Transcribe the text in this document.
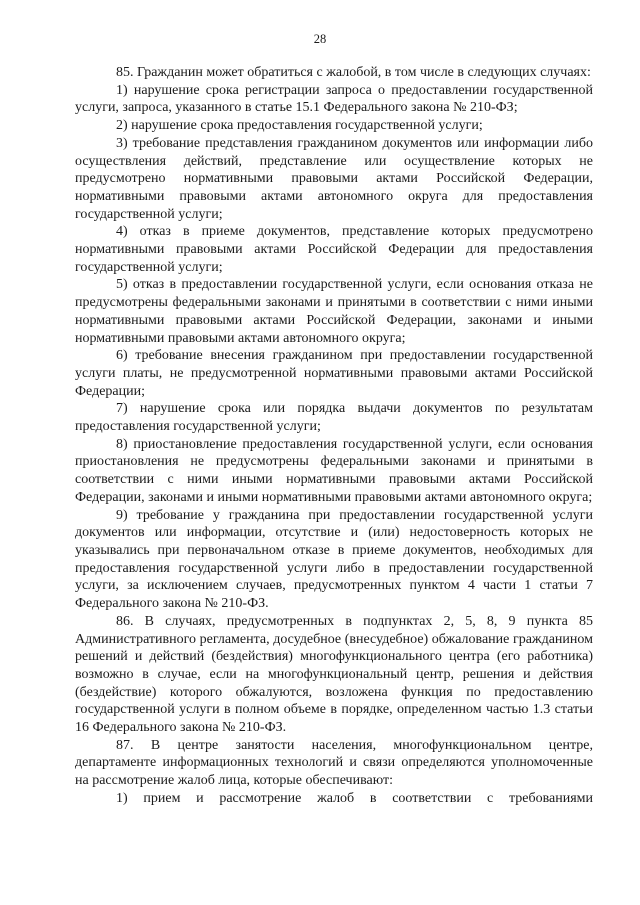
28

85. Гражданин может обратиться с жалобой, в том числе в следующих случаях:

1) нарушение срока регистрации запроса о предоставлении государственной услуги, запроса, указанного в статье 15.1 Федерального закона № 210-ФЗ;

2) нарушение срока предоставления государственной услуги;

3) требование представления гражданином документов или информации либо осуществления действий, представление или осуществление которых не предусмотрено нормативными правовыми актами Российской Федерации, нормативными правовыми актами автономного округа для предоставления государственной услуги;

4) отказ в приеме документов, представление которых предусмотрено нормативными правовыми актами Российской Федерации для предоставления государственной услуги;

5) отказ в предоставлении государственной услуги, если основания отказа не предусмотрены федеральными законами и принятыми в соответствии с ними иными нормативными правовыми актами Российской Федерации, законами и иными нормативными правовыми актами автономного округа;

6) требование внесения гражданином при предоставлении государственной услуги платы, не предусмотренной нормативными правовыми актами Российской Федерации;

7) нарушение срока или порядка выдачи документов по результатам предоставления государственной услуги;

8) приостановление предоставления государственной услуги, если основания приостановления не предусмотрены федеральными законами и принятыми в соответствии с ними иными нормативными правовыми актами Российской Федерации, законами и иными нормативными правовыми актами автономного округа;

9) требование у гражданина при предоставлении государственной услуги документов или информации, отсутствие и (или) недостоверность которых не указывались при первоначальном отказе в приеме документов, необходимых для предоставления государственной услуги либо в предоставлении государственной услуги, за исключением случаев, предусмотренных пунктом 4 части 1 статьи 7 Федерального закона № 210-ФЗ.

86. В случаях, предусмотренных в подпунктах 2, 5, 8, 9 пункта 85 Административного регламента, досудебное (внесудебное) обжалование гражданином решений и действий (бездействия) многофункционального центра (его работника) возможно в случае, если на многофункциональный центр, решения и действия (бездействие) которого обжалуются, возложена функция по предоставлению государственной услуги в полном объеме в порядке, определенном частью 1.3 статьи 16 Федерального закона № 210-ФЗ.

87. В центре занятости населения, многофункциональном центре, департаменте информационных технологий и связи определяются уполномоченные на рассмотрение жалоб лица, которые обеспечивают:

1) прием и рассмотрение жалоб в соответствии с требованиями
